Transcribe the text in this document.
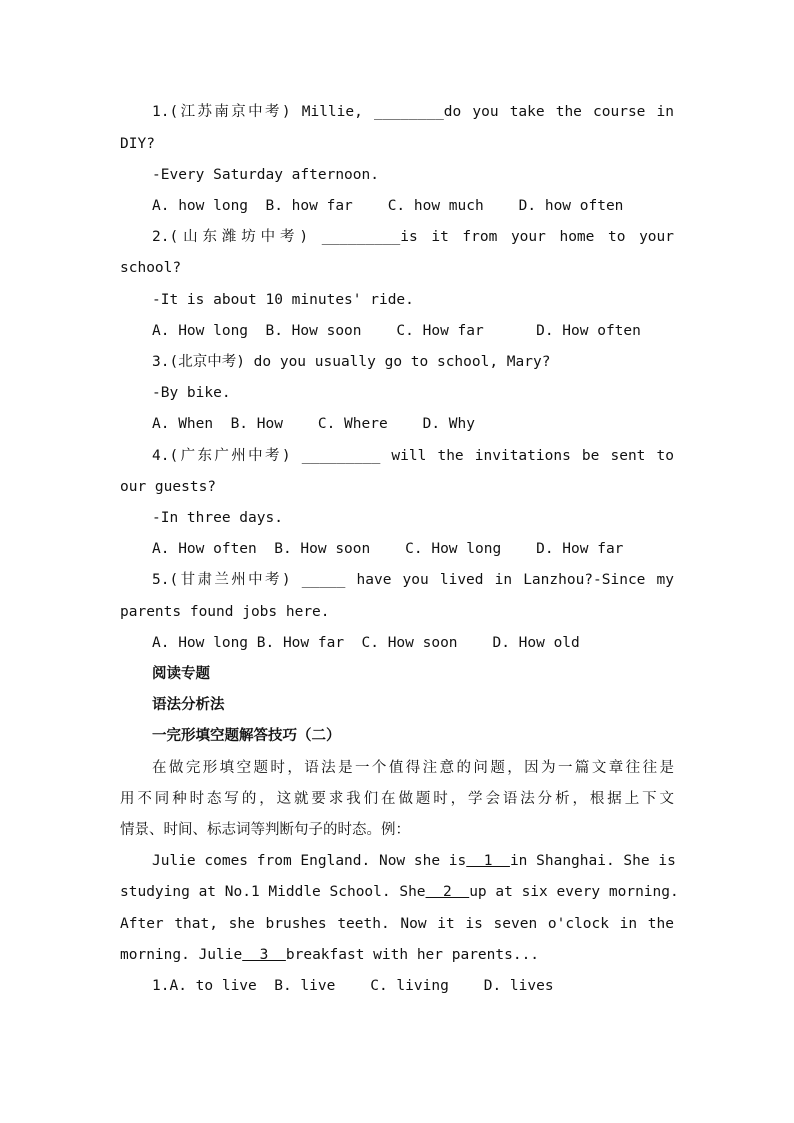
1.(江苏南京中考) Millie, ________do you take the course in
DIY?
-Every Saturday afternoon.
A. how long  B. how far    C. how much    D. how often
2.(山东潍坊中考) _________is it from your home to your
school?
-It is about 10 minutes' ride.
A. How long  B. How soon    C. How far      D. How often
3.(北京中考) do you usually go to school, Mary?
-By bike.
A. When  B. How    C. Where    D. Why
4.(广东广州中考) _________ will the invitations be sent to
our guests?
-In three days.
A. How often  B. How soon    C. How long    D. How far
5.(甘肃兰州中考) _____ have you lived in Lanzhou?-Since my
parents found jobs here.
A. How long B. How far  C. How soon    D. How old
阅读专题
语法分析法
一完形填空题解答技巧（二）
在做完形填空题时，语法是一个值得注意的问题，因为一篇文章往往是
用不同种时态写的，这就要求我们在做题时，学会语法分析，根据上下文
情景、时间、标志词等判断句子的时态。例：
Julie comes from England. Now she is  1  in Shanghai. She is
studying at No.1 Middle School. She  2  up at six every morning.
After that, she brushes teeth. Now it is seven o'clock in the
morning. Julie  3  breakfast with her parents...
1.A. to live  B. live    C. living    D. lives
